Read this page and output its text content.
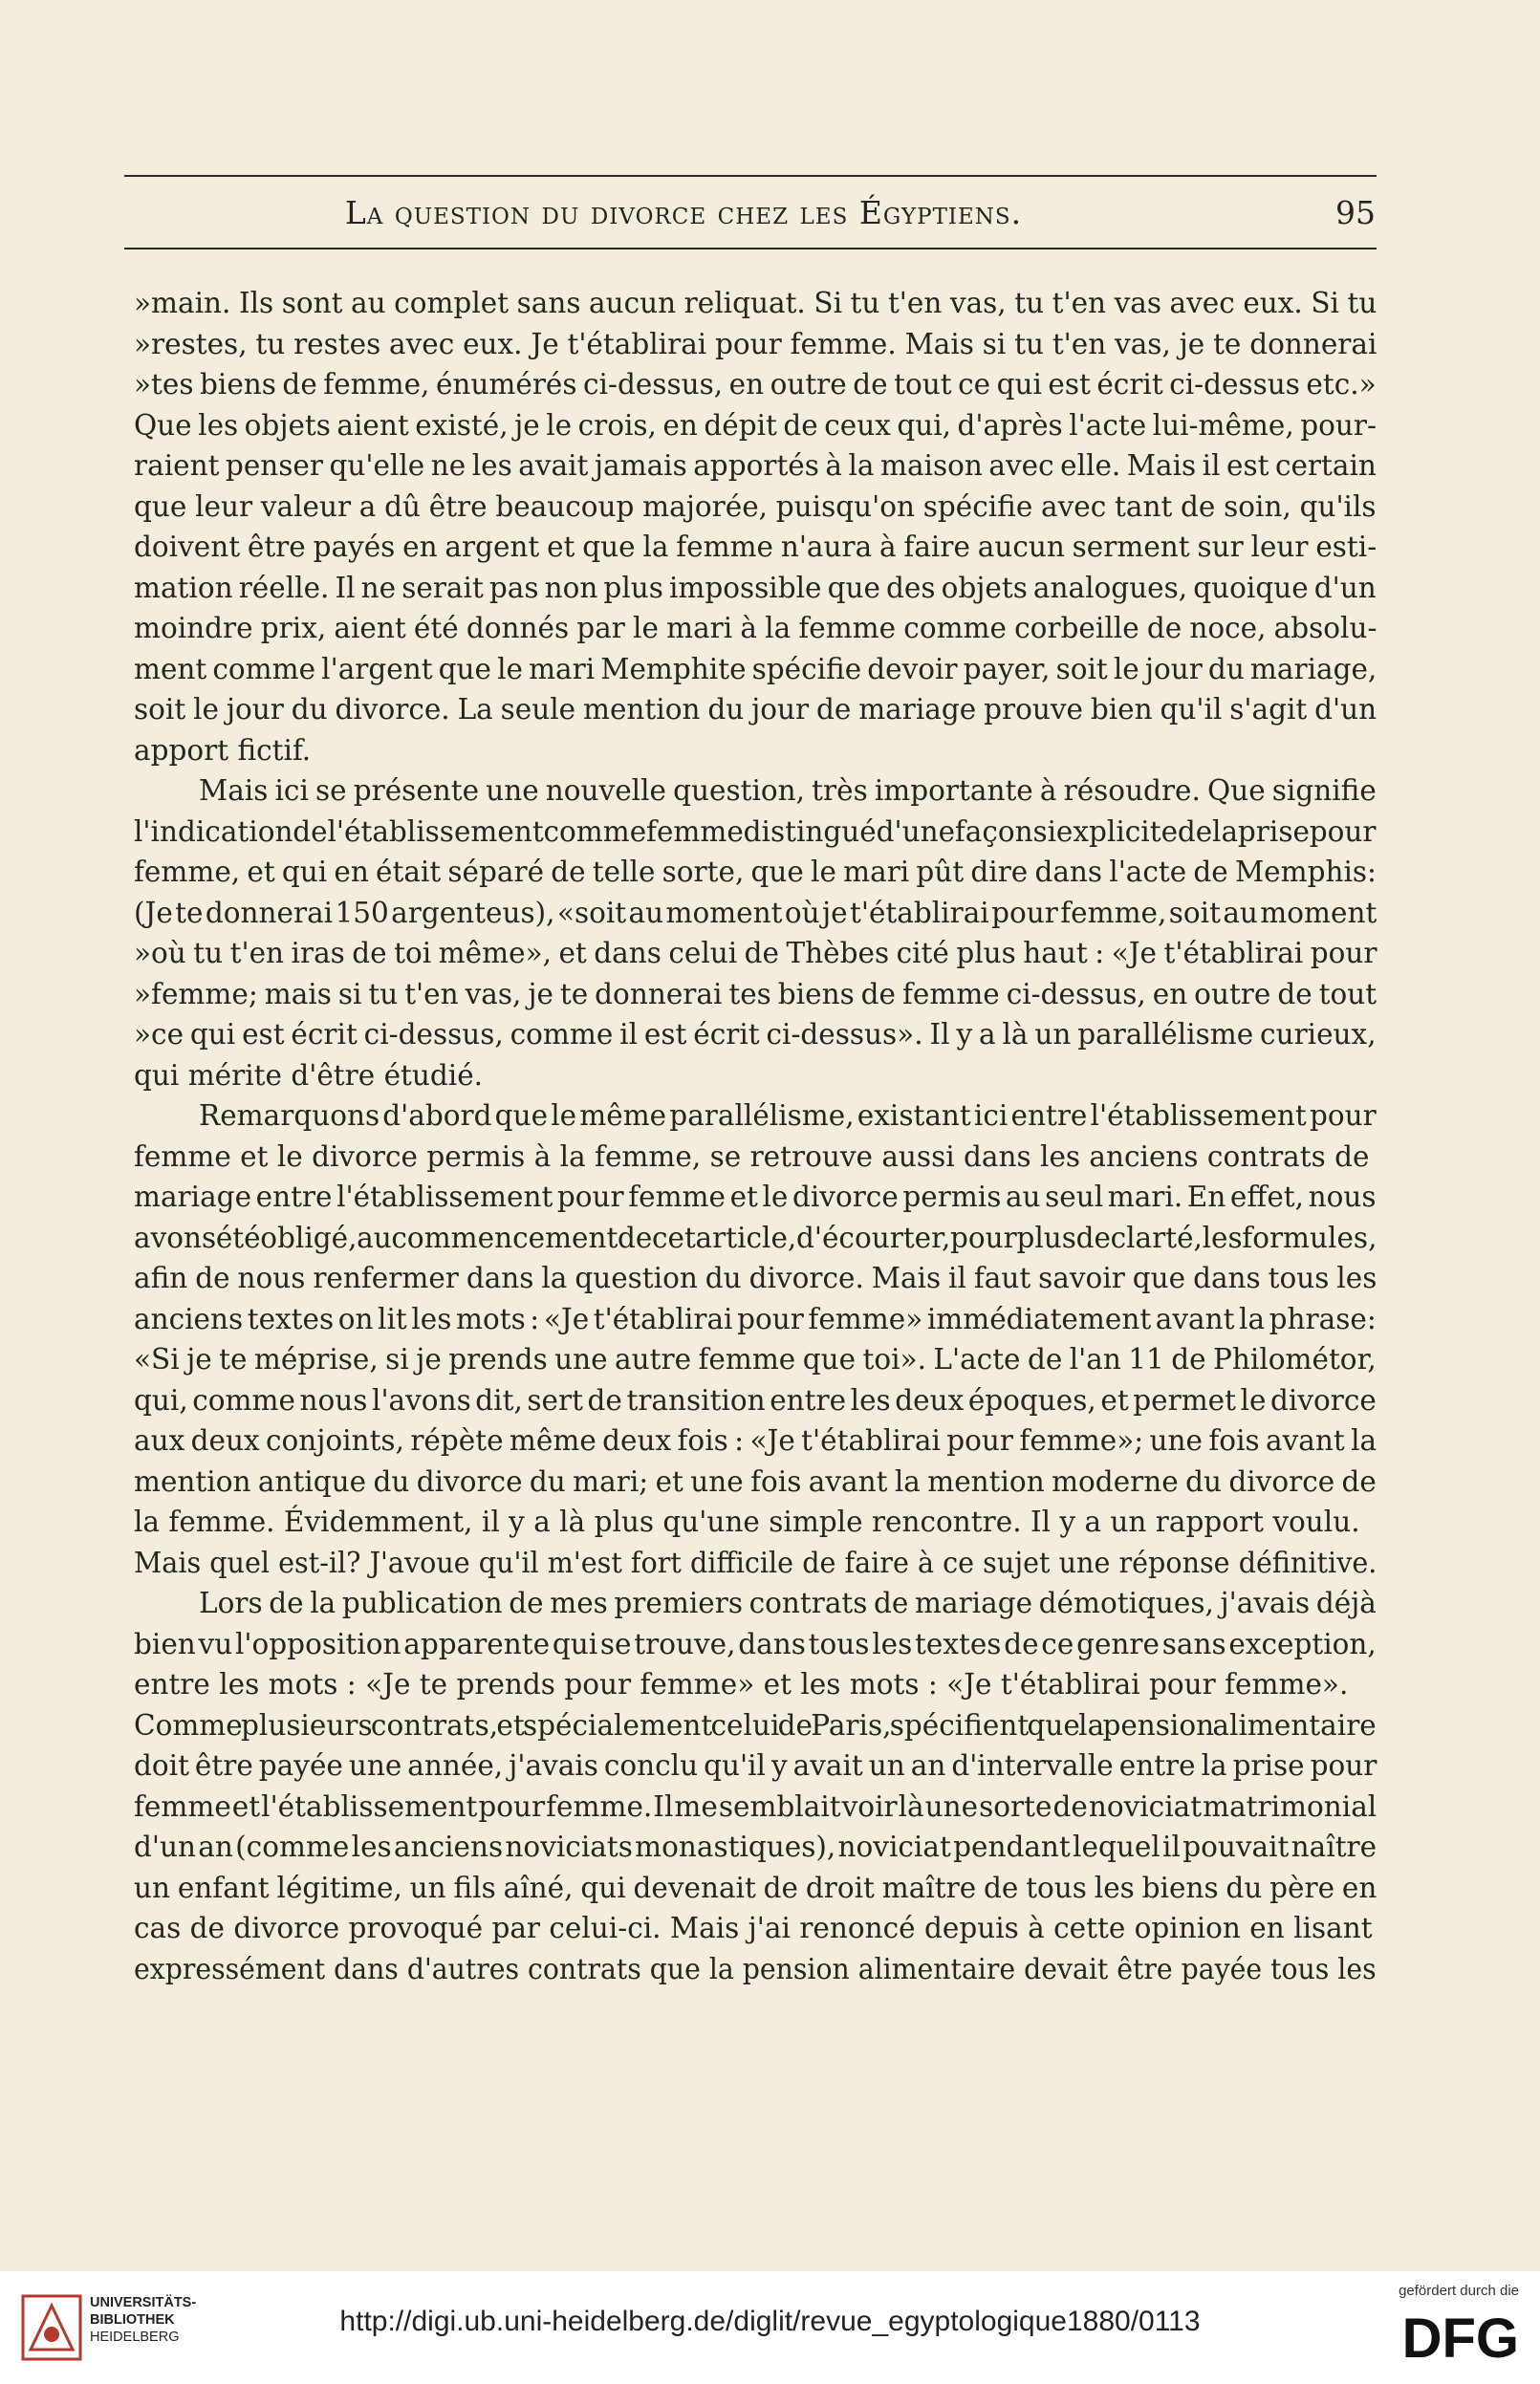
La question du divorce chez les Égyptiens.	95

»main. Ils sont au complet sans aucun reliquat. Si tu t'en vas, tu t'en vas avec eux. Si tu
»restes, tu restes avec eux. Je t'établirai pour femme. Mais si tu t'en vas, je te donnerai
»tes biens de femme, énumérés ci-dessus, en outre de tout ce qui est écrit ci-dessus etc.»
Que les objets aient existé, je le crois, en dépit de ceux qui, d'après l'acte lui-même, pour-
raient penser qu'elle ne les avait jamais apportés à la maison avec elle. Mais il est certain
que leur valeur a dû être beaucoup majorée, puisqu'on spécifie avec tant de soin, qu'ils
doivent être payés en argent et que la femme n'aura à faire aucun serment sur leur esti-
mation réelle. Il ne serait pas non plus impossible que des objets analogues, quoique d'un
moindre prix, aient été donnés par le mari à la femme comme corbeille de noce, absolu-
ment comme l'argent que le mari Memphite spécifie devoir payer, soit le jour du mariage,
soit le jour du divorce. La seule mention du jour de mariage prouve bien qu'il s'agit d'un
apport fictif.

Mais ici se présente une nouvelle question, très importante à résoudre. Que signifie
l'indication de l'établissement comme femme distingué d'une façon si explicite de la prise pour
femme, et qui en était séparé de telle sorte, que le mari pût dire dans l'acte de Memphis:
(Je te donnerai 150 argenteus), «soit au moment où je t'établirai pour femme, soit au moment
»où tu t'en iras de toi même», et dans celui de Thèbes cité plus haut : «Je t'établirai pour
»femme; mais si tu t'en vas, je te donnerai tes biens de femme ci-dessus, en outre de tout
»ce qui est écrit ci-dessus, comme il est écrit ci-dessus». Il y a là un parallélisme curieux,
qui mérite d'être étudié.

Remarquons d'abord que le même parallélisme, existant ici entre l'établissement pour
femme et le divorce permis à la femme, se retrouve aussi dans les anciens contrats de
mariage entre l'établissement pour femme et le divorce permis au seul mari. En effet, nous
avons été obligé, au commencement de cet article, d'écourter, pour plus de clarté, les formules,
afin de nous renfermer dans la question du divorce. Mais il faut savoir que dans tous les
anciens textes on lit les mots : «Je t'établirai pour femme» immédiatement avant la phrase:
«Si je te méprise, si je prends une autre femme que toi». L'acte de l'an 11 de Philométor,
qui, comme nous l'avons dit, sert de transition entre les deux époques, et permet le divorce
aux deux conjoints, répète même deux fois : «Je t'établirai pour femme»; une fois avant la
mention antique du divorce du mari; et une fois avant la mention moderne du divorce de
la femme. Évidemment, il y a là plus qu'une simple rencontre. Il y a un rapport voulu.
Mais quel est-il? J'avoue qu'il m'est fort difficile de faire à ce sujet une réponse définitive.

Lors de la publication de mes premiers contrats de mariage démotiques, j'avais déjà
bien vu l'opposition apparente qui se trouve, dans tous les textes de ce genre sans exception,
entre les mots : «Je te prends pour femme» et les mots : «Je t'établirai pour femme».
Comme plusieurs contrats, et spécialement celui de Paris, spécifient que la pension alimentaire
doit être payée une année, j'avais conclu qu'il y avait un an d'intervalle entre la prise pour
femme et l'établissement pour femme. Il me semblait voir là une sorte de noviciat matrimonial
d'un an (comme les anciens noviciats monastiques), noviciat pendant lequel il pouvait naître
un enfant légitime, un fils aîné, qui devenait de droit maître de tous les biens du père en
cas de divorce provoqué par celui-ci. Mais j'ai renoncé depuis à cette opinion en lisant
expressément dans d'autres contrats que la pension alimentaire devait être payée tous les

UNIVERSITÄTS-
BIBLIOTHEK
HEIDELBERG	http://digi.ub.uni-heidelberg.de/diglit/revue_egyptologique1880/0113
gefördert durch die
DFG
